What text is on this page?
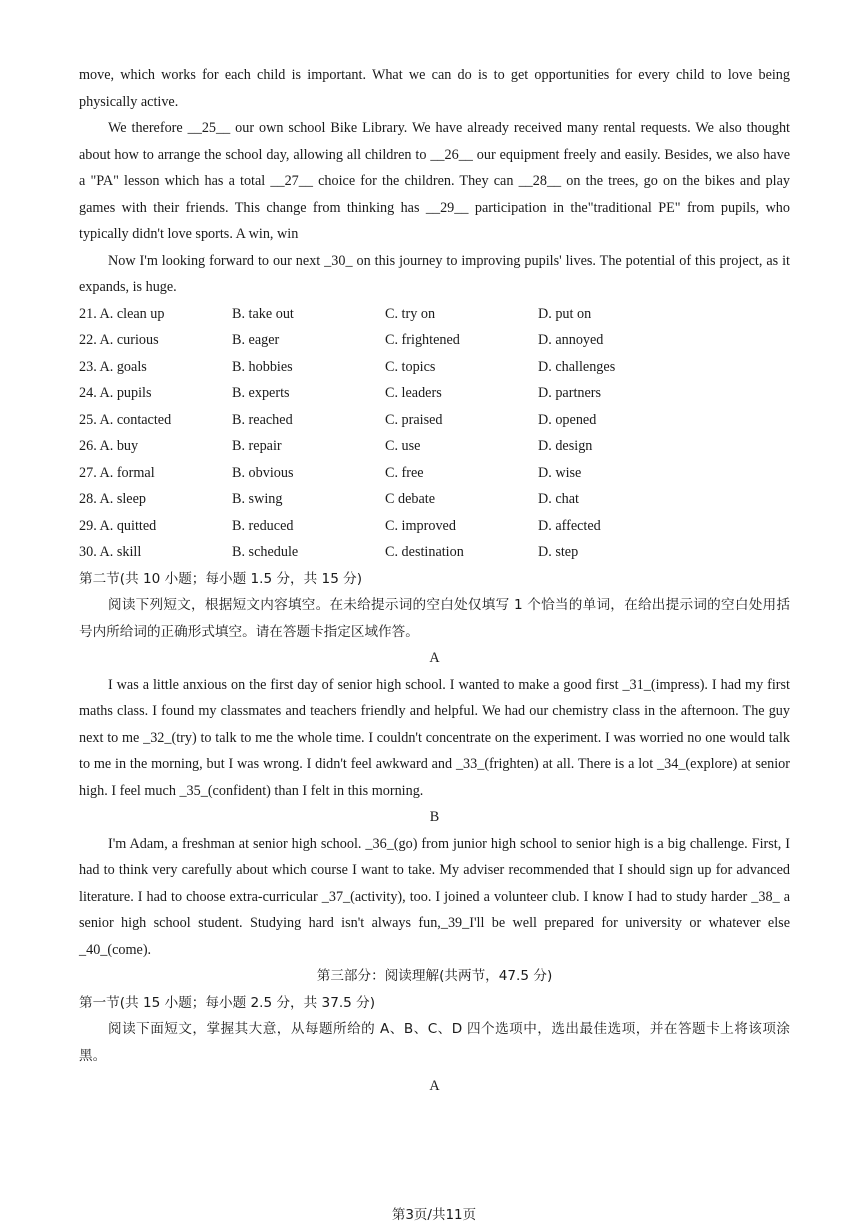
move, which works for each child is important. What we can do is to get opportunities for every child to love being physically active.

We therefore __25__ our own school Bike Library. We have already received many rental requests. We also thought about how to arrange the school day, allowing all children to __26__ our equipment freely and easily. Besides, we also have a "PA" lesson which has a total __27__ choice for the children. They can __28__ on the trees, go on the bikes and play games with their friends. This change from thinking has __29__ participation in the"traditional PE" from pupils, who typically didn't love sports. A win, win

Now I'm looking forward to our next _30_ on this journey to improving pupils' lives. The potential of this project, as it expands, is huge.

21. A. clean up	B. take out	C. try on	D. put on
22. A. curious	B. eager	C. frightened	D. annoyed
23. A. goals	B. hobbies	C. topics	D. challenges
24. A. pupils	B. experts	C. leaders	D. partners
25. A. contacted	B. reached	C. praised	D. opened
26. A. buy	B. repair	C. use	D. design
27. A. formal	B. obvious	C. free	D. wise
28. A. sleep	B. swing	C debate	D. chat
29. A. quitted	B. reduced	C. improved	D. affected
30. A. skill	B. schedule	C. destination	D. step

第二节(共 10 小题；每小题 1.5 分，共 15 分)

阅读下列短文，根据短文内容填空。在未给提示词的空白处仅填写 1 个恰当的单词，在给出提示词的空白处用括号内所给词的正确形式填空。请在答题卡指定区域作答。

A

I was a little anxious on the first day of senior high school. I wanted to make a good first _31_(impress). I had my first maths class. I found my classmates and teachers friendly and helpful. We had our chemistry class in the afternoon. The guy next to me _32_(try) to talk to me the whole time. I couldn't concentrate on the experiment. I was worried no one would talk to me in the morning, but I was wrong. I didn't feel awkward and _33_(frighten) at all. There is a lot _34_(explore) at senior high. I feel much _35_(confident) than I felt in this morning.

B

I'm Adam, a freshman at senior high school. _36_(go) from junior high school to senior high is a big challenge. First, I had to think very carefully about which course I want to take. My adviser recommended that I should sign up for advanced literature. I had to choose extra-curricular _37_(activity), too. I joined a volunteer club. I know I had to study harder _38_ a senior high school student. Studying hard isn't always fun,_39_I'll be well prepared for university or whatever else _40_(come).

第三部分：阅读理解(共两节，47.5 分)

第一节(共 15 小题；每小题 2.5 分，共 37.5 分)

阅读下面短文，掌握其大意，从每题所给的 A、B、C、D 四个选项中，选出最佳选项，并在答题卡上将该项涂黑。

A

第3页/共11页
